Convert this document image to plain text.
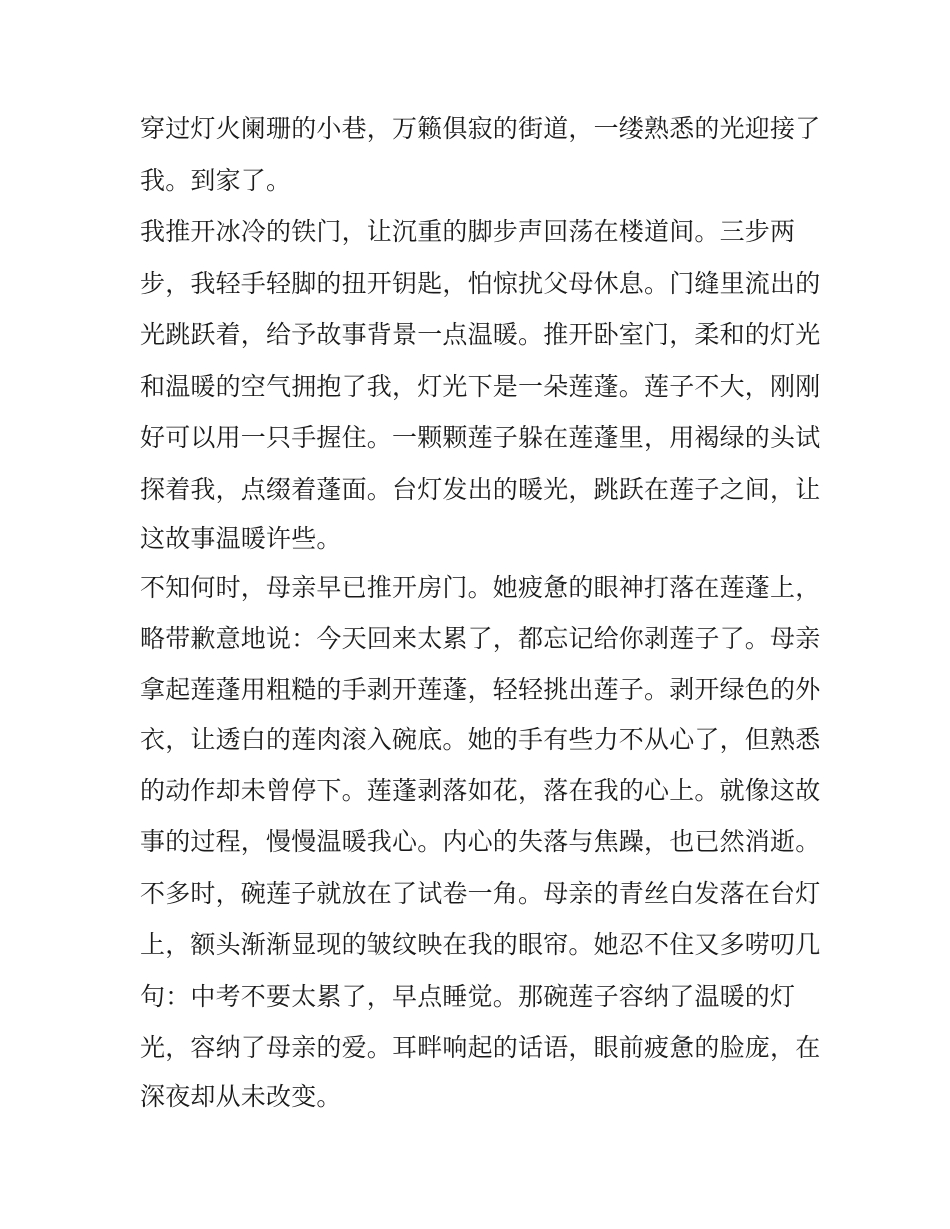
穿过灯火阑珊的小巷，万籁俱寂的街道，一缕熟悉的光迎接了

我。到家了。

我推开冰冷的铁门，让沉重的脚步声回荡在楼道间。三步两

步，我轻手轻脚的扭开钥匙，怕惊扰父母休息。门缝里流出的

光跳跃着，给予故事背景一点温暖。推开卧室门，柔和的灯光

和温暖的空气拥抱了我，灯光下是一朵莲蓬。莲子不大，刚刚

好可以用一只手握住。一颗颗莲子躲在莲蓬里，用褐绿的头试

探着我，点缀着蓬面。台灯发出的暖光，跳跃在莲子之间，让

这故事温暖许些。

不知何时，母亲早已推开房门。她疲惫的眼神打落在莲蓬上，

略带歉意地说：今天回来太累了，都忘记给你剥莲子了。母亲

拿起莲蓬用粗糙的手剥开莲蓬，轻轻挑出莲子。剥开绿色的外

衣，让透白的莲肉滚入碗底。她的手有些力不从心了，但熟悉

的动作却未曾停下。莲蓬剥落如花，落在我的心上。就像这故

事的过程，慢慢温暖我心。内心的失落与焦躁，也已然消逝。

不多时，碗莲子就放在了试卷一角。母亲的青丝白发落在台灯

上，额头渐渐显现的皱纹映在我的眼帘。她忍不住又多唠叨几

句：中考不要太累了，早点睡觉。那碗莲子容纳了温暖的灯

光，容纳了母亲的爱。耳畔响起的话语，眼前疲惫的脸庞，在

深夜却从未改变。
